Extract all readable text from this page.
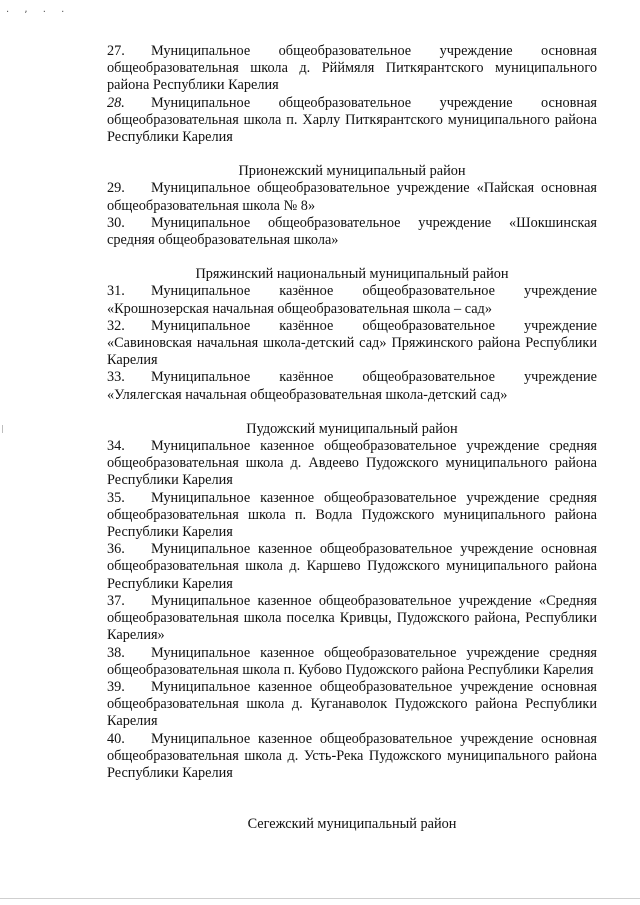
. , . .

27. Муниципальное общеобразовательное учреждение основная общеобразовательная школа д. Рйймяля Питкярантского муниципального района Республики Карелия

28. Муниципальное общеобразовательное учреждение основная общеобразовательная школа п. Харлу Питкярантского муниципального района Республики Карелия

Прионежский муниципальный район

29. Муниципальное общеобразовательное учреждение «Пайская основная общеобразовательная школа № 8»

30. Муниципальное общеобразовательное учреждение «Шокшинская средняя общеобразовательная школа»

Пряжинский национальный муниципальный район

31. Муниципальное казённое общеобразовательное учреждение «Крошнозерская начальная общеобразовательная школа – сад»

32. Муниципальное казённое общеобразовательное учреждение «Савиновская начальная школа-детский сад» Пряжинского района Республики Карелия

33. Муниципальное казённое общеобразовательное учреждение «Улялегская начальная общеобразовательная школа-детский сад»

Пудожский муниципальный район

34. Муниципальное казенное общеобразовательное учреждение средняя общеобразовательная школа д. Авдеево Пудожского муниципального района Республики Карелия

35. Муниципальное казенное общеобразовательное учреждение средняя общеобразовательная школа п. Водла Пудожского муниципального района Республики Карелия

36. Муниципальное казенное общеобразовательное учреждение основная общеобразовательная школа д. Каршево Пудожского муниципального района Республики Карелия

37. Муниципальное казенное общеобразовательное учреждение «Средняя общеобразовательная школа поселка Кривцы, Пудожского района, Республики Карелия»

38. Муниципальное казенное общеобразовательное учреждение средняя общеобразовательная школа п. Кубово Пудожского района Республики Карелия

39. Муниципальное казенное общеобразовательное учреждение основная общеобразовательная школа д. Куганаволок Пудожского района Республики Карелия

40. Муниципальное казенное общеобразовательное учреждение основная общеобразовательная школа д. Усть-Река Пудожского муниципального района Республики Карелия

Сегежский муниципальный район
